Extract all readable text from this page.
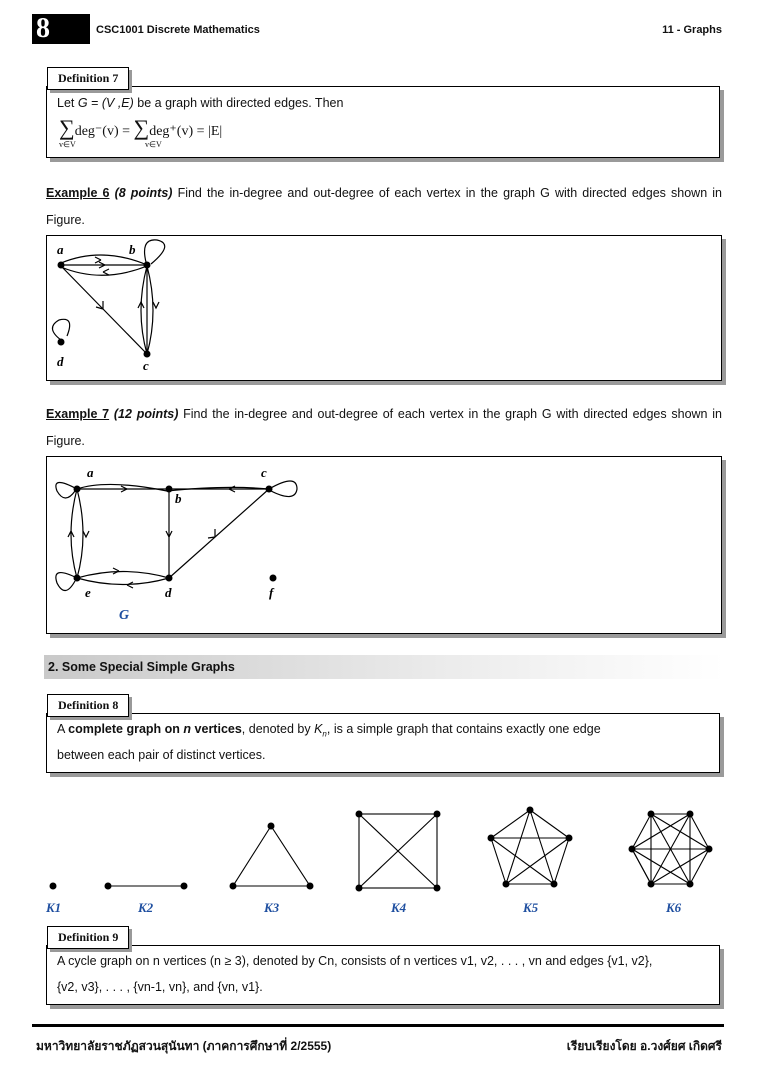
8	CSC1001 Discrete Mathematics	11 - Graphs
Definition 7
Let G = (V ,E) be a graph with directed edges. Then
∑deg⁻(v) = ∑deg⁺(v) = |E|
v∈V	v∈V
Example 6 (8 points) Find the in-degree and out-degree of each vertex in the graph G with directed edges shown in Figure.
a	b
c
d
Example 7 (12 points) Find the in-degree and out-degree of each vertex in the graph G with directed edges shown in Figure.
a
b
c
d
e	f
G
2. Some Special Simple Graphs
Definition 8
A complete graph on n vertices, denoted by $K_n$, is a simple graph that contains exactly one edge
between each pair of distinct vertices.
K1	K2	K3	K4	K5	K6
Definition 9
A cycle graph on n vertices (n ≥ 3), denoted by Cn, consists of n vertices v1, v2, . . . , vn and edges {v1, v2},
{v2, v3}, . . . , {vn-1, vn}, and {vn, v1}.
มหาวิทยาลัยราชภัฏสวนสุนันทา (ภาคการศึกษาที่ 2/2555)	เรียบเรียงโดย อ.วงศ์ยศ เกิดศรี
